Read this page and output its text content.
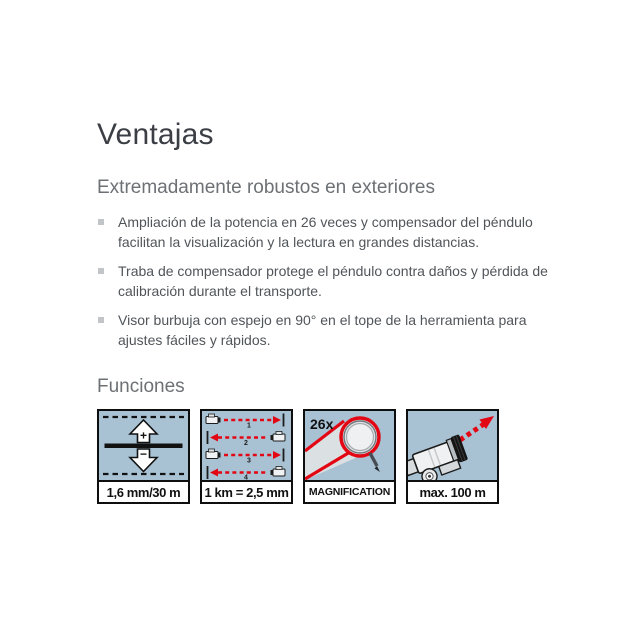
Ventajas
Extremadamente robustos en exteriores
Ampliación de la potencia en 26 veces y compensador del péndulo facilitan la visualización y la lectura en grandes distancias.
Traba de compensador protege el péndulo contra daños y pérdida de calibración durante el transporte.
Visor burbuja con espejo en 90° en el tope de la herramienta para ajustes fáciles y rápidos.
Funciones
+
−
1,6 mm/30 m
1
2
3
4
1 km = 2,5 mm
26x
MAGNIFICATION	max. 100 m
